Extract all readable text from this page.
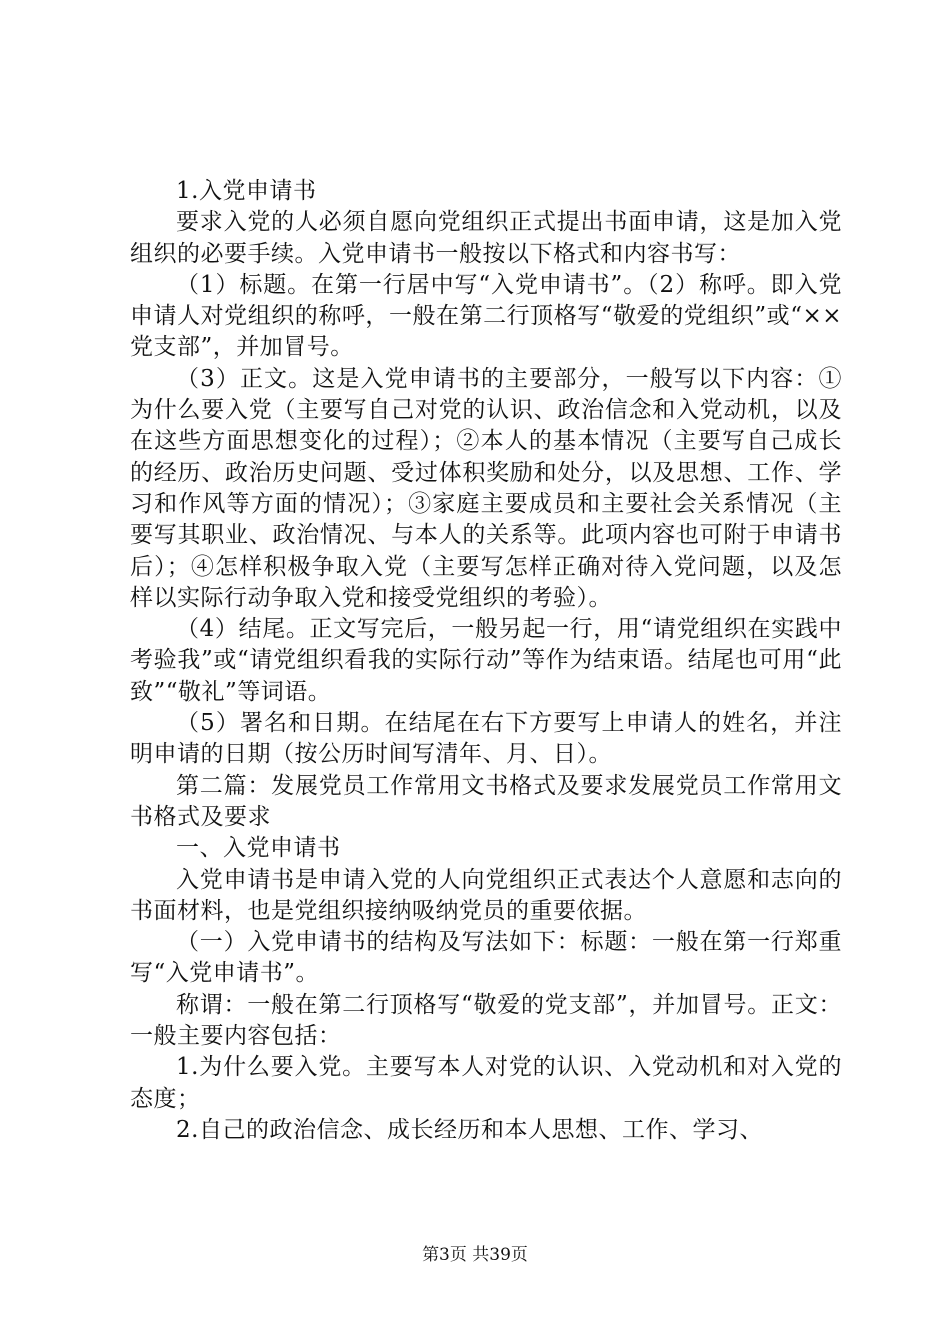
1.入党申请书

要求入党的人必须自愿向党组织正式提出书面申请，这是加入党组织的必要手续。入党申请书一般按以下格式和内容书写：

（1）标题。在第一行居中写“入党申请书”。（2）称呼。即入党申请人对党组织的称呼，一般在第二行顶格写“敬爱的党组织”或“××党支部”，并加冒号。

（3）正文。这是入党申请书的主要部分，一般写以下内容：①为什么要入党（主要写自己对党的认识、政治信念和入党动机，以及在这些方面思想变化的过程）；②本人的基本情况（主要写自己成长的经历、政治历史问题、受过体积奖励和处分，以及思想、工作、学习和作风等方面的情况）；③家庭主要成员和主要社会关系情况（主要写其职业、政治情况、与本人的关系等。此项内容也可附于申请书后）；④怎样积极争取入党（主要写怎样正确对待入党问题，以及怎样以实际行动争取入党和接受党组织的考验）。

（4）结尾。正文写完后，一般另起一行，用“请党组织在实践中考验我”或“请党组织看我的实际行动”等作为结束语。结尾也可用“此致”“敬礼”等词语。

（5）署名和日期。在结尾在右下方要写上申请人的姓名，并注明申请的日期（按公历时间写清年、月、日）。

第二篇：发展党员工作常用文书格式及要求发展党员工作常用文书格式及要求

一、入党申请书

入党申请书是申请入党的人向党组织正式表达个人意愿和志向的书面材料，也是党组织接纳吸纳党员的重要依据。

（一）入党申请书的结构及写法如下：标题：一般在第一行郑重写“入党申请书”。

称谓：一般在第二行顶格写“敬爱的党支部”，并加冒号。正文：一般主要内容包括：

1.为什么要入党。主要写本人对党的认识、入党动机和对入党的态度；

2.自己的政治信念、成长经历和本人思想、工作、学习、

第3页 共39页
